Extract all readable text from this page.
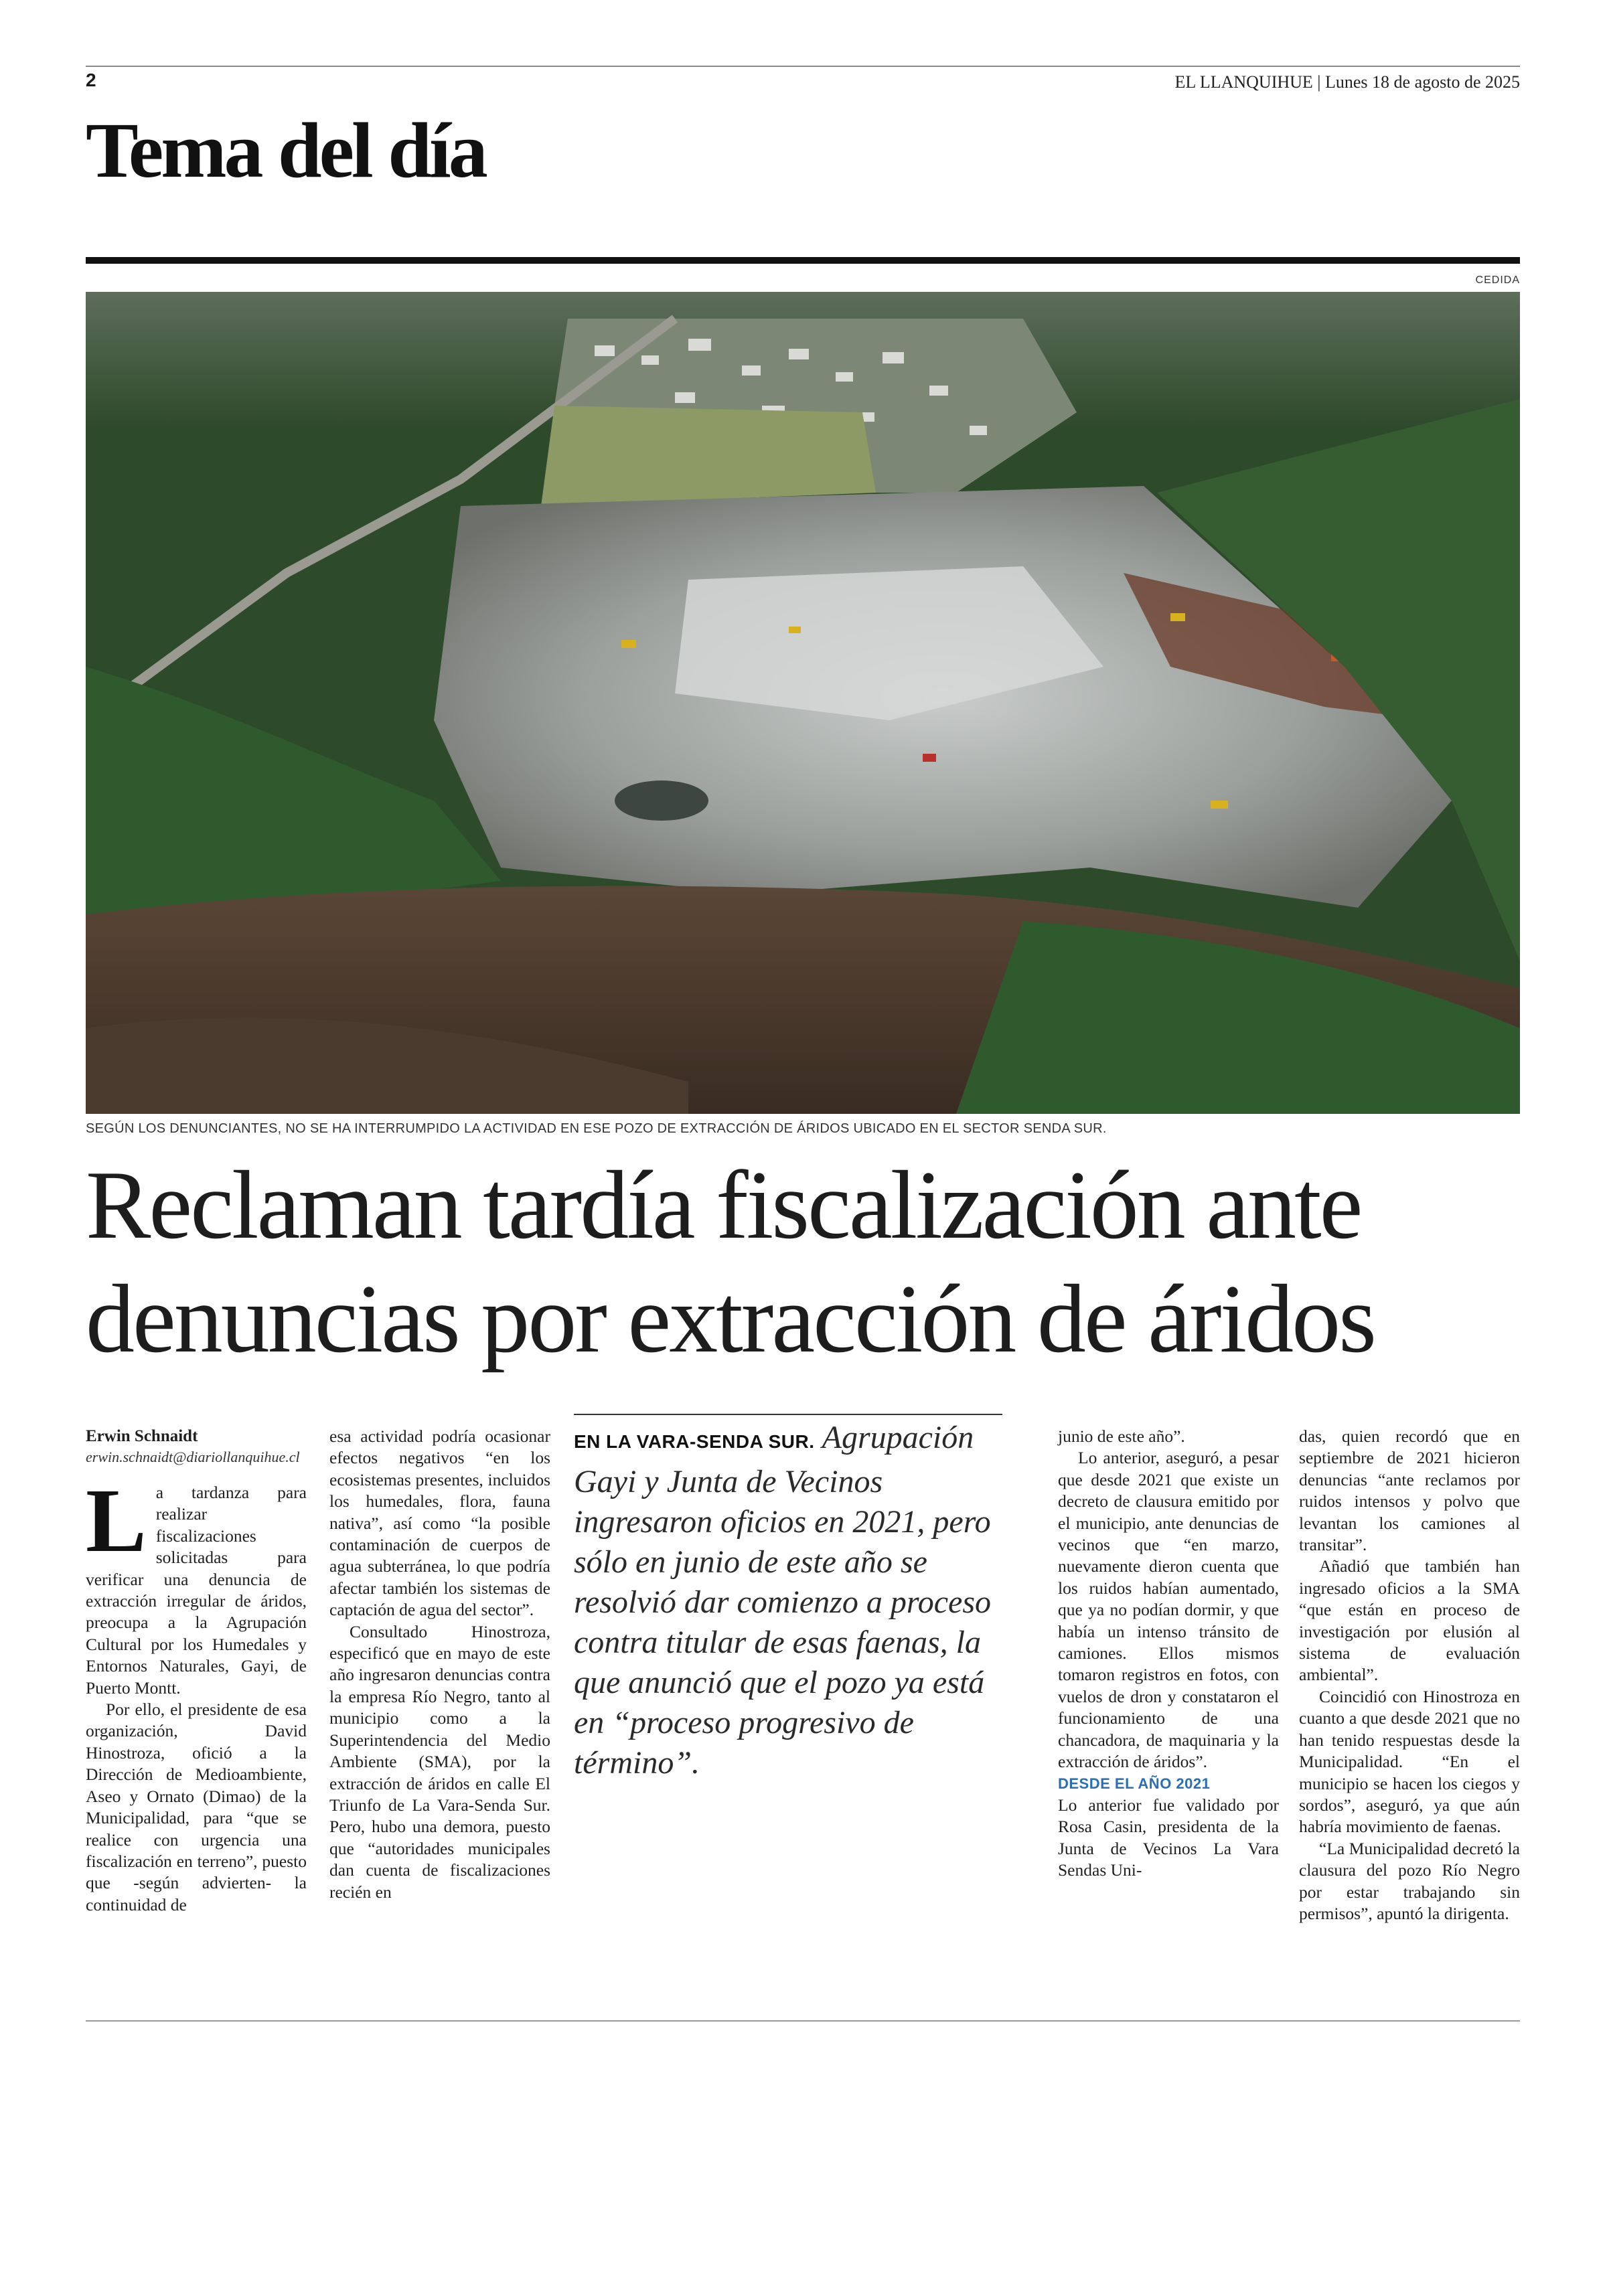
2	EL LLANQUIHUE | Lunes 18 de agosto de 2025
Tema del día
CEDIDA
SEGÚN LOS DENUNCIANTES, NO SE HA INTERRUMPIDO LA ACTIVIDAD EN ESE POZO DE EXTRACCIÓN DE ÁRIDOS UBICADO EN EL SECTOR SENDA SUR.
Reclaman tardía fiscalización ante
denuncias por extracción de áridos
Erwin Schnaidt
erwin.schnaidt@diariollanquihue.cl
L a tardanza para realizar fiscalizaciones solicitadas para verificar una denuncia de extracción irregular de áridos, preocupa a la Agrupación Cultural por los Humedales y Entornos Naturales, Gayi, de Puerto Montt.

Por ello, el presidente de esa organización, David Hinostroza, ofició a la Dirección de Medioambiente, Aseo y Ornato (Dimao) de la Municipalidad, para “que se realice con urgencia una fiscalización en terreno”, puesto que -según advierten- la continuidad de

esa actividad podría ocasionar efectos negativos “en los ecosistemas presentes, incluidos los humedales, flora, fauna nativa”, así como “la posible contaminación de cuerpos de agua subterránea, lo que podría afectar también los sistemas de captación de agua del sector”.

Consultado Hinostroza, especificó que en mayo de este año ingresaron denuncias contra la empresa Río Negro, tanto al municipio como a la Superintendencia del Medio Ambiente (SMA), por la extracción de áridos en calle El Triunfo de La Vara-Senda Sur. Pero, hubo una demora, puesto que “autoridades municipales dan cuenta de fiscalizaciones recién en

EN LA VARA-SENDA SUR. Agrupación Gayi y Junta de Vecinos ingresaron oficios en 2021, pero sólo en junio de este año se resolvió dar comienzo a proceso contra titular de esas faenas, la que anunció que el pozo ya está en “proceso progresivo de término”.

junio de este año”.

Lo anterior, aseguró, a pesar que desde 2021 que existe un decreto de clausura emitido por el municipio, ante denuncias de vecinos que “en marzo, nuevamente dieron cuenta que los ruidos habían aumentado, que ya no podían dormir, y que había un intenso tránsito de camiones. Ellos mismos tomaron registros en fotos, con vuelos de dron y constataron el funcionamiento de una chancadora, de maquinaria y la extracción de áridos”.

DESDE EL AÑO 2021

Lo anterior fue validado por Rosa Casin, presidenta de la Junta de Vecinos La Vara Sendas Uni-

das, quien recordó que en septiembre de 2021 hicieron denuncias “ante reclamos por ruidos intensos y polvo que levantan los camiones al transitar”.

Añadió que también han ingresado oficios a la SMA “que están en proceso de investigación por elusión al sistema de evaluación ambiental”.

Coincidió con Hinostroza en cuanto a que desde 2021 que no han tenido respuestas desde la Municipalidad. “En el municipio se hacen los ciegos y sordos”, aseguró, ya que aún habría movimiento de faenas.

“La Municipalidad decretó la clausura del pozo Río Negro por estar trabajando sin permisos”, apuntó la dirigenta.
